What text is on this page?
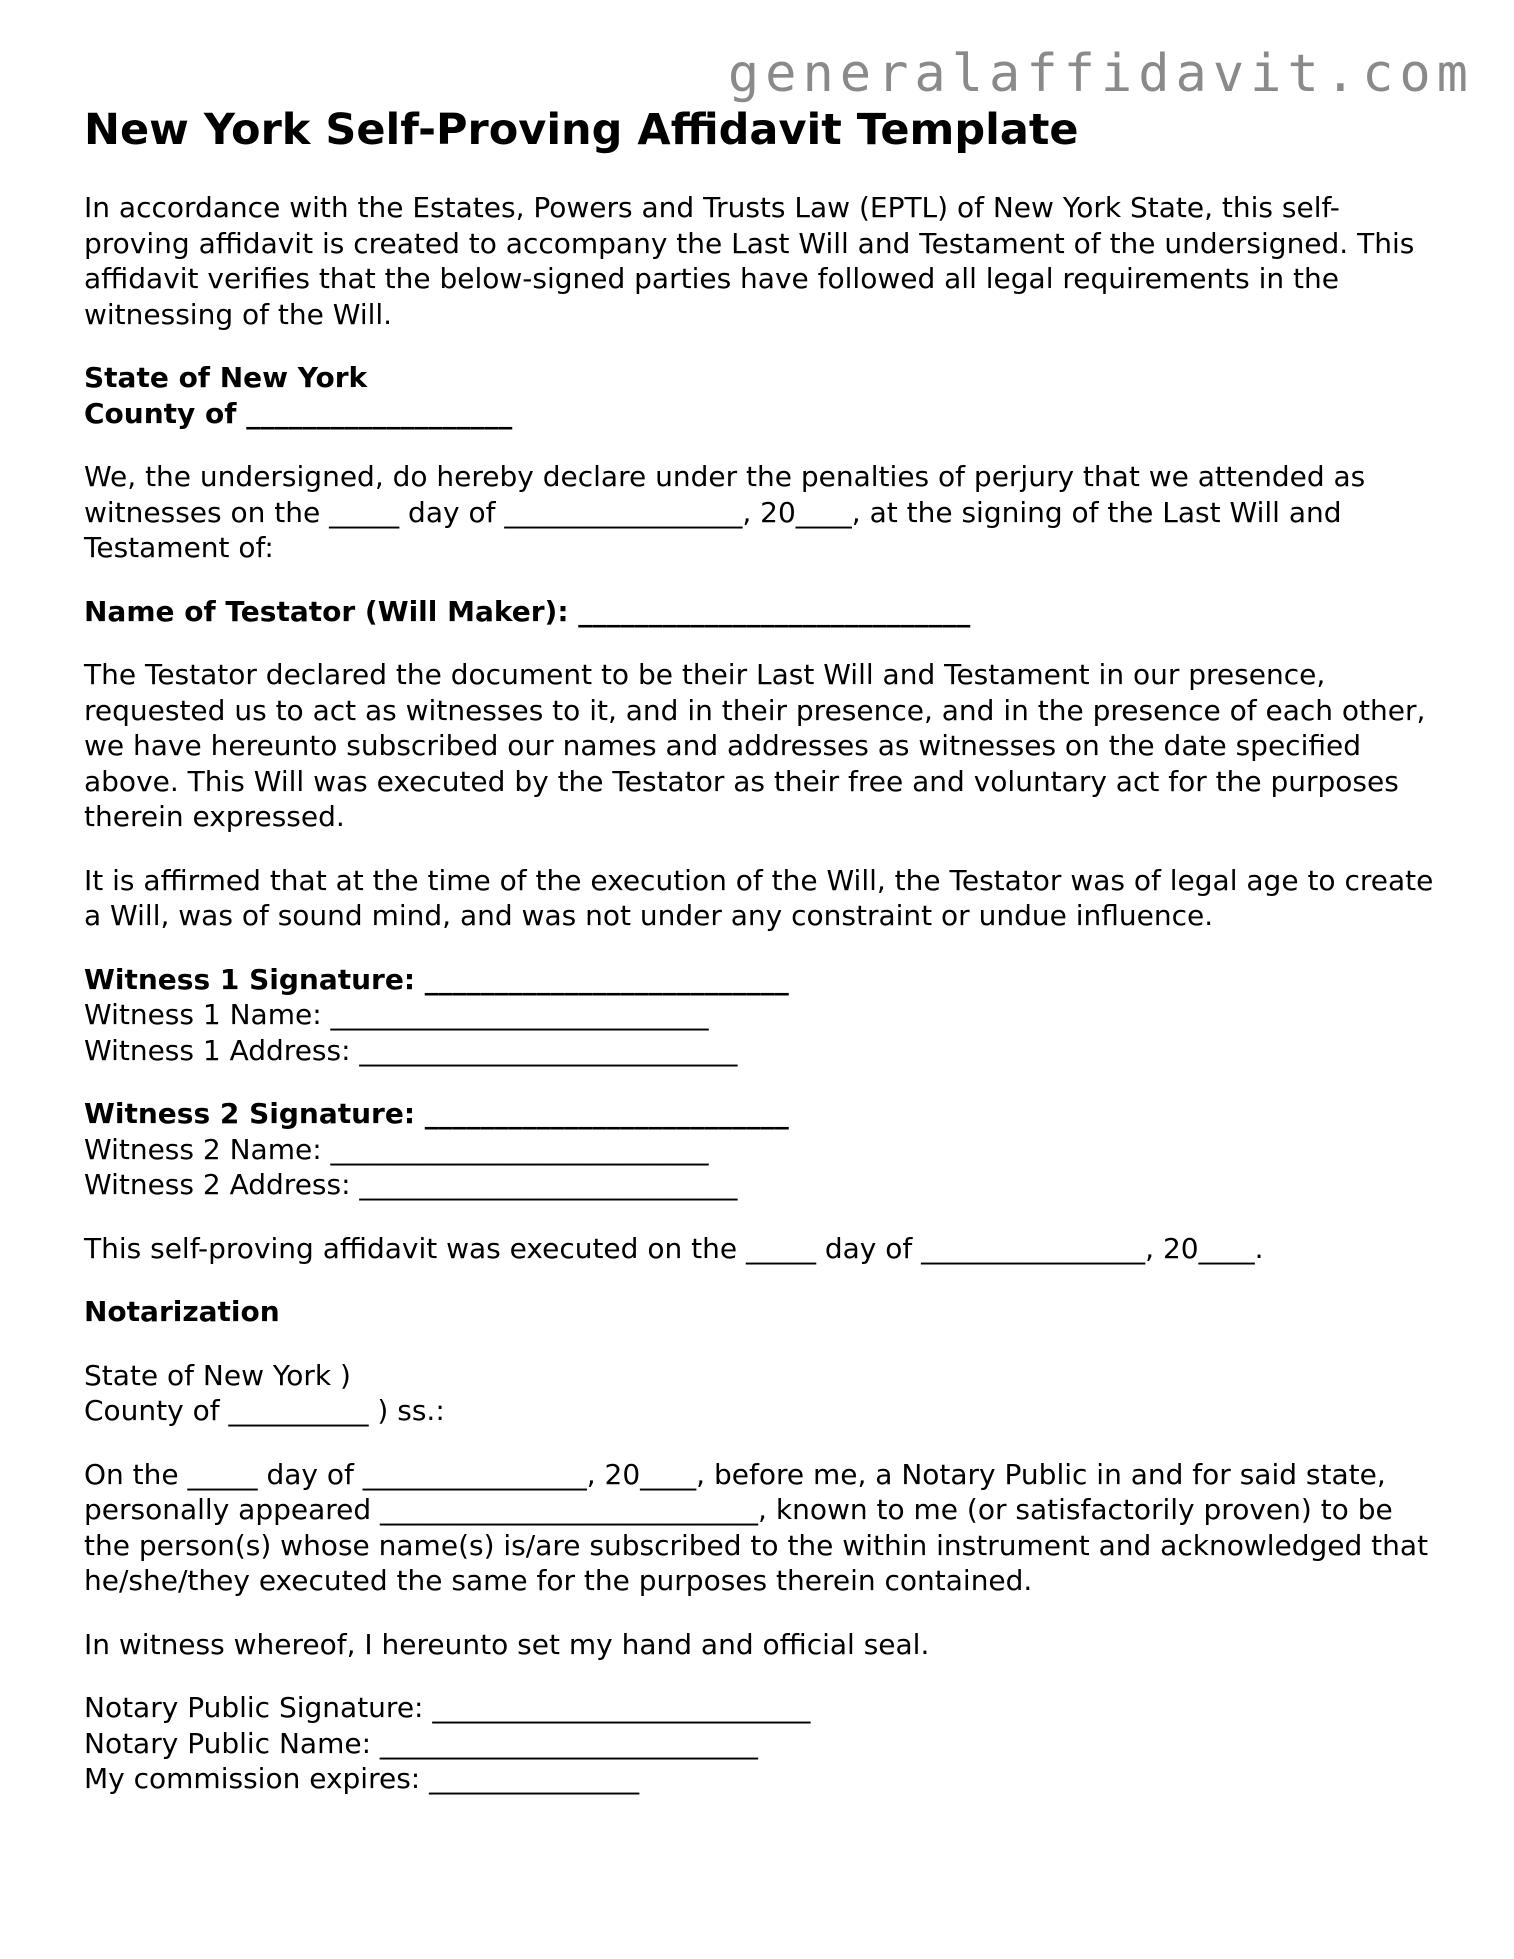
generalaffidavit.com
New York Self-Proving Affidavit Template

In accordance with the Estates, Powers and Trusts Law (EPTL) of New York State, this self-proving affidavit is created to accompany the Last Will and Testament of the undersigned. This affidavit verifies that the below-signed parties have followed all legal requirements in the witnessing of the Will.

State of New York
County of ___________________

We, the undersigned, do hereby declare under the penalties of perjury that we attended as witnesses on the _____ day of _________________, 20____, at the signing of the Last Will and Testament of:

Name of Testator (Will Maker): ____________________________

The Testator declared the document to be their Last Will and Testament in our presence, requested us to act as witnesses to it, and in their presence, and in the presence of each other, we have hereunto subscribed our names and addresses as witnesses on the date specified above. This Will was executed by the Testator as their free and voluntary act for the purposes therein expressed.

It is affirmed that at the time of the execution of the Will, the Testator was of legal age to create a Will, was of sound mind, and was not under any constraint or undue influence.

Witness 1 Signature: __________________________
Witness 1 Name: ___________________________
Witness 1 Address: ___________________________

Witness 2 Signature: __________________________
Witness 2 Name: ___________________________
Witness 2 Address: ___________________________

This self-proving affidavit was executed on the _____ day of ________________, 20____.

Notarization

State of New York )
County of __________ ) ss.:

On the _____ day of ________________, 20____, before me, a Notary Public in and for said state, personally appeared ___________________________, known to me (or satisfactorily proven) to be the person(s) whose name(s) is/are subscribed to the within instrument and acknowledged that he/she/they executed the same for the purposes therein contained.

In witness whereof, I hereunto set my hand and official seal.

Notary Public Signature: ___________________________
Notary Public Name: ___________________________
My commission expires: _______________
